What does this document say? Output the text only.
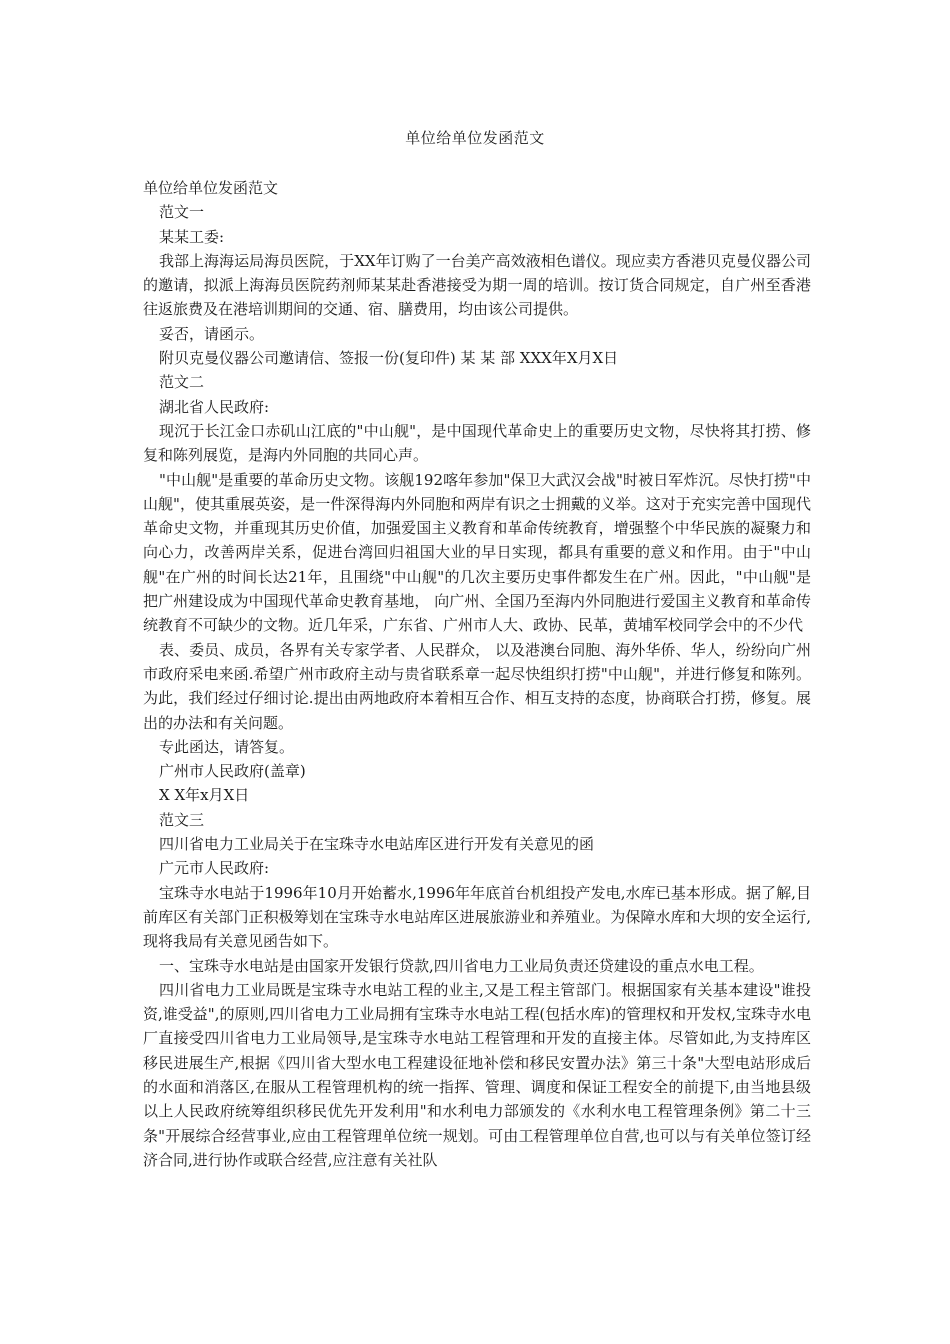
单位给单位发函范文

单位给单位发函范文

范文一

某某工委:

我部上海海运局海员医院，于XX年订购了一台美产高效液相色谱仪。现应卖方香港贝克曼仪器公司的邀请，拟派上海海员医院药剂师某某赴香港接受为期一周的培训。按订货合同规定，自广州至香港往返旅费及在港培训期间的交通、宿、膳费用，均由该公司提供。

妥否，请函示。

附贝克曼仪器公司邀请信、签报一份(复印件) 某 某 部 XXX年X月X日

范文二

湖北省人民政府:

现沉于长江金口赤矶山江底的"中山舰"，是中国现代革命史上的重要历史文物，尽快将其打捞、修复和陈列展览，是海内外同胞的共同心声。

"中山舰"是重要的革命历史文物。该舰192喀年参加"保卫大武汉会战"时被日军炸沉。尽快打捞"中山舰"，使其重展英姿，是一件深得海内外同胞和两岸有识之士拥戴的义举。这对于充实完善中国现代革命史文物，并重现其历史价值，加强爱国主义教育和革命传统教育，增强整个中华民族的凝聚力和向心力，改善两岸关系，促进台湾回归祖国大业的早日实现，都具有重要的意义和作用。由于"中山舰"在广州的时间长达21年，且围绕"中山舰"的几次主要历史事件都发生在广州。因此，"中山舰"是把广州建设成为中国现代革命史教育基地， 向广州、全国乃至海内外同胞进行爱国主义教育和革命传统教育不可缺少的文物。近几年采，广东省、广州市人大、政协、民革，黄埔军校同学会中的不少代

表、委员、成员，各界有关专家学者、人民群众， 以及港澳台同胞、海外华侨、华人，纷纷向广州市政府采电来函.希望广州市政府主动与贵省联系章一起尽快组织打捞"中山舰"，并进行修复和陈列。为此，我们经过仔细讨论.提出由两地政府本着相互合作、相互支持的态度，协商联合打捞，修复。展出的办法和有关问题。

专此函达，请答复。

广州市人民政府(盖章)

X X年x月X日

范文三

四川省电力工业局关于在宝珠寺水电站库区进行开发有关意见的函

广元市人民政府:

宝珠寺水电站于1996年10月开始蓄水,1996年年底首台机组投产发电,水库已基本形成。据了解,目前库区有关部门正积极筹划在宝珠寺水电站库区进展旅游业和养殖业。为保障水库和大坝的安全运行,现将我局有关意见函告如下。

一、宝珠寺水电站是由国家开发银行贷款,四川省电力工业局负责还贷建设的重点水电工程。

四川省电力工业局既是宝珠寺水电站工程的业主,又是工程主管部门。根据国家有关基本建设"谁投资,谁受益",的原则,四川省电力工业局拥有宝珠寺水电站工程(包括水库)的管理权和开发权,宝珠寺水电厂直接受四川省电力工业局领导,是宝珠寺水电站工程管理和开发的直接主体。尽管如此,为支持库区移民进展生产,根据《四川省大型水电工程建设征地补偿和移民安置办法》第三十条"大型电站形成后的水面和消落区,在服从工程管理机构的统一指挥、管理、调度和保证工程安全的前提下,由当地县级以上人民政府统筹组织移民优先开发利用"和水利电力部颁发的《水利水电工程管理条例》第二十三条"开展综合经营事业,应由工程管理单位统一规划。可由工程管理单位自营,也可以与有关单位签订经济合同,进行协作或联合经营,应注意有关社队
